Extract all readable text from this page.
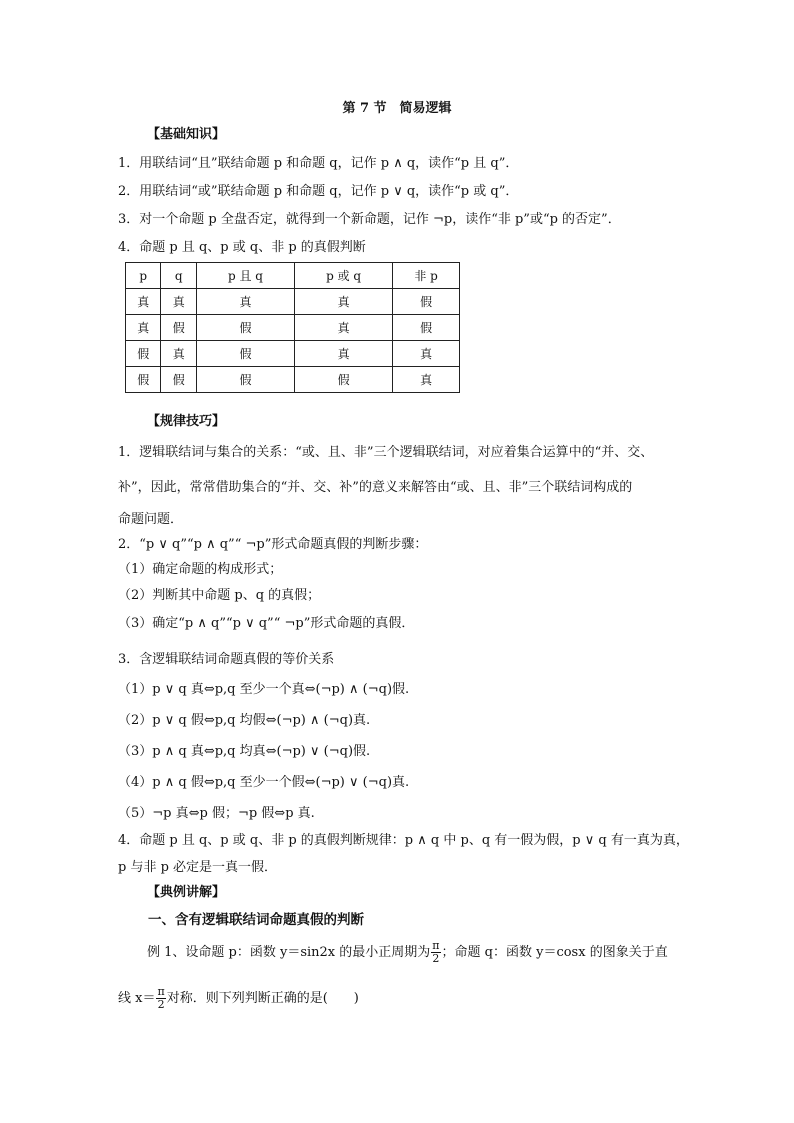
第 7 节　简易逻辑
【基础知识】
1．用联结词“且”联结命题 p 和命题 q，记作 p ∧ q，读作“p 且 q”．
2．用联结词“或”联结命题 p 和命题 q，记作 p ∨ q，读作“p 或 q”．
3．对一个命题 p 全盘否定，就得到一个新命题，记作 ¬p，读作“非 p”或“p 的否定”．
4．命题 p 且 q、p 或 q、非 p 的真假判断
p	q	p 且 q	p 或 q	非 p
真	真	真	真	假
真	假	假	真	假
假	真	假	真	真
假	假	假	假	真
【规律技巧】
1．逻辑联结词与集合的关系：“或、且、非”三个逻辑联结词，对应着集合运算中的“并、交、
补”，因此，常常借助集合的“并、交、补”的意义来解答由“或、且、非”三个联结词构成的
命题问题．
2．“p ∨ q”“p ∧ q”“ ¬p”形式命题真假的判断步骤：
（1）确定命题的构成形式；
（2）判断其中命题 p、q 的真假；
（3）确定“p ∧ q”“p ∨ q”“ ¬p”形式命题的真假．
3．含逻辑联结词命题真假的等价关系
（1）p ∨ q 真⇔p,q 至少一个真⇔(¬p) ∧ (¬q)假.
（2）p ∨ q 假⇔p,q 均假⇔(¬p) ∧ (¬q)真.
（3）p ∧ q 真⇔p,q 均真⇔(¬p) ∨ (¬q)假.
（4）p ∧ q 假⇔p,q 至少一个假⇔(¬p) ∨ (¬q)真.
（5）¬p 真⇔p 假；¬p 假⇔p 真.
4．命题 p 且 q、p 或 q、非 p 的真假判断规律：p ∧ q 中 p、q 有一假为假，p ∨ q 有一真为真，
p 与非 p 必定是一真一假．
【典例讲解】
一、含有逻辑联结词命题真假的判断
例 1、设命题 p：函数 y＝sin2x 的最小正周期为 $\frac{\pi}{2}$ ；命题 q：函数 y＝cosx 的图象关于直
线 $x= \frac{\pi}{2}$ 对称．则下列判断正确的是(　　)
